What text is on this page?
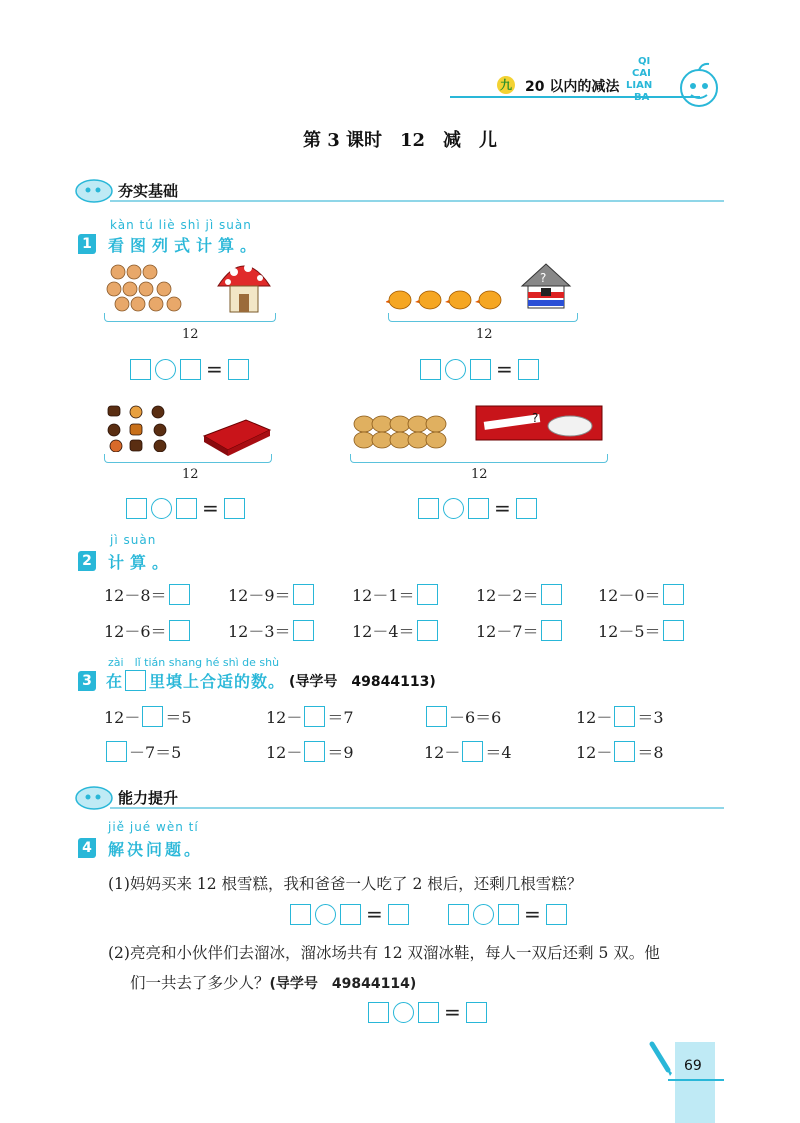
九 20 以内的减法
QI
CAI
LIAN
BA
第 3 课时　12　减　儿
夯实基础
kàn tú liè shì jì suàn
1 看图列式计算。
12
=
?
12
=
12
=
?
12
=
jì suàn
2 计算。
12－8＝	12－9＝	12－1＝	12－2＝	12－0＝
12－6＝	12－3＝	12－4＝	12－7＝	12－5＝
zài　lǐ tián shang hé shì de shù
3 在 里填上合适的数。 (导学号　49844113)
12－ ＝5	12－ ＝7	－6＝6	12－ ＝3
－7＝5	12－ ＝9	12－ ＝4	12－ ＝8
能力提升
jiě jué wèn tí
4 解决问题。
(1)妈妈买来 12 根雪糕，我和爸爸一人吃了 2 根后，还剩几根雪糕？
=	=
(2)亮亮和小伙伴们去溜冰，溜冰场共有 12 双溜冰鞋，每人一双后还剩 5 双。他
们一共去了多少人？(导学号　49844114)
=
69
